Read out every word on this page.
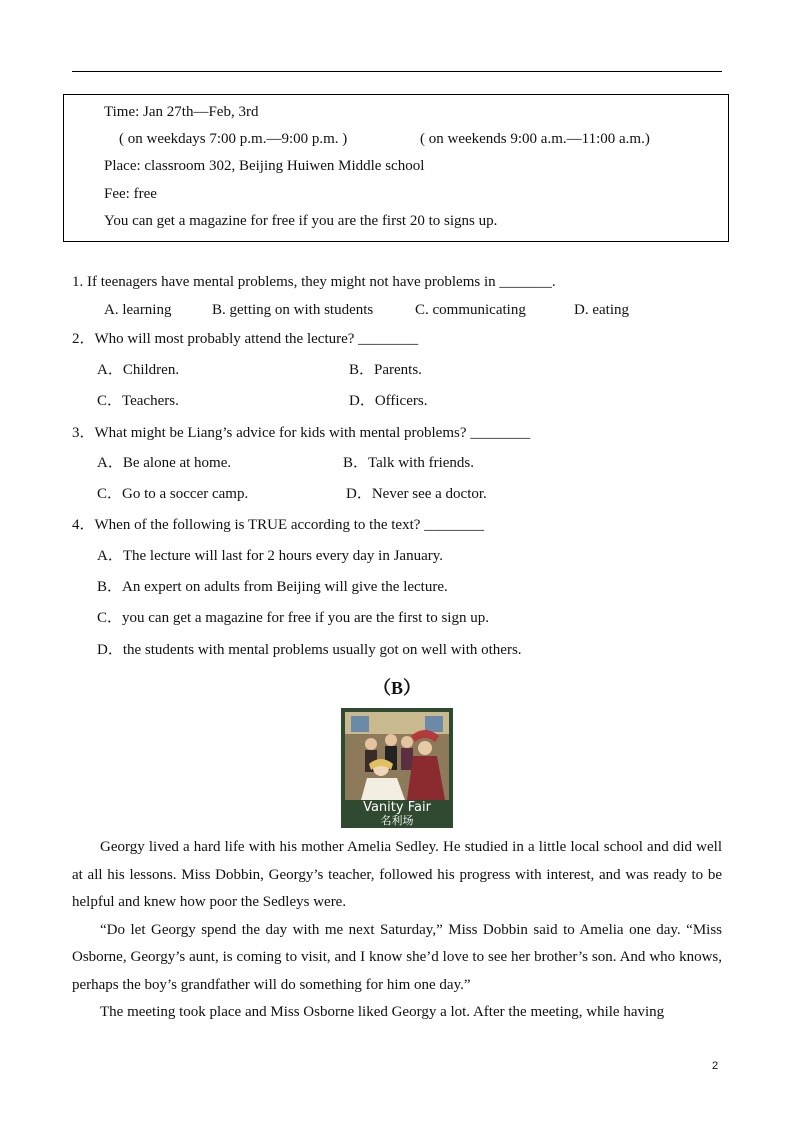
Time: Jan 27th—Feb, 3rd
( on weekdays 7:00 p.m.—9:00 p.m. )	( on weekends 9:00 a.m.—11:00 a.m.)
Place: classroom 302, Beijing Huiwen Middle school
Fee: free
You can get a magazine for free if you are the first 20 to signs up.
1. If teenagers have mental problems, they might not have problems in _______.
A. learning	B. getting on with students	C. communicating	D. eating
2．Who will most probably attend the lecture? ________
A．Children.	B．Parents.
C．Teachers.	D．Officers.
3．What might be Liang’s advice for kids with mental problems? ________
A．Be alone at home.	B．Talk with friends.
C．Go to a soccer camp.	D．Never see a doctor.
4．When of the following is TRUE according to the text? ________
A．The lecture will last for 2 hours every day in January.
B．An expert on adults from Beijing will give the lecture.
C．you can get a magazine for free if you are the first to sign up.
D．the students with mental problems usually got on well with others.
（B）
Vanity Fair
名利场

Georgy lived a hard life with his mother Amelia Sedley. He studied in a little local school and did well at all his lessons. Miss Dobbin, Georgy’s teacher, followed his progress with interest, and was ready to be helpful and knew how poor the Sedleys were.

“Do let Georgy spend the day with me next Saturday,” Miss Dobbin said to Amelia one day. “Miss Osborne, Georgy’s aunt, is coming to visit, and I know she’d love to see her brother’s son. And who knows, perhaps the boy’s grandfather will do something for him one day.”

The meeting took place and Miss Osborne liked Georgy a lot. After the meeting, while having

2
